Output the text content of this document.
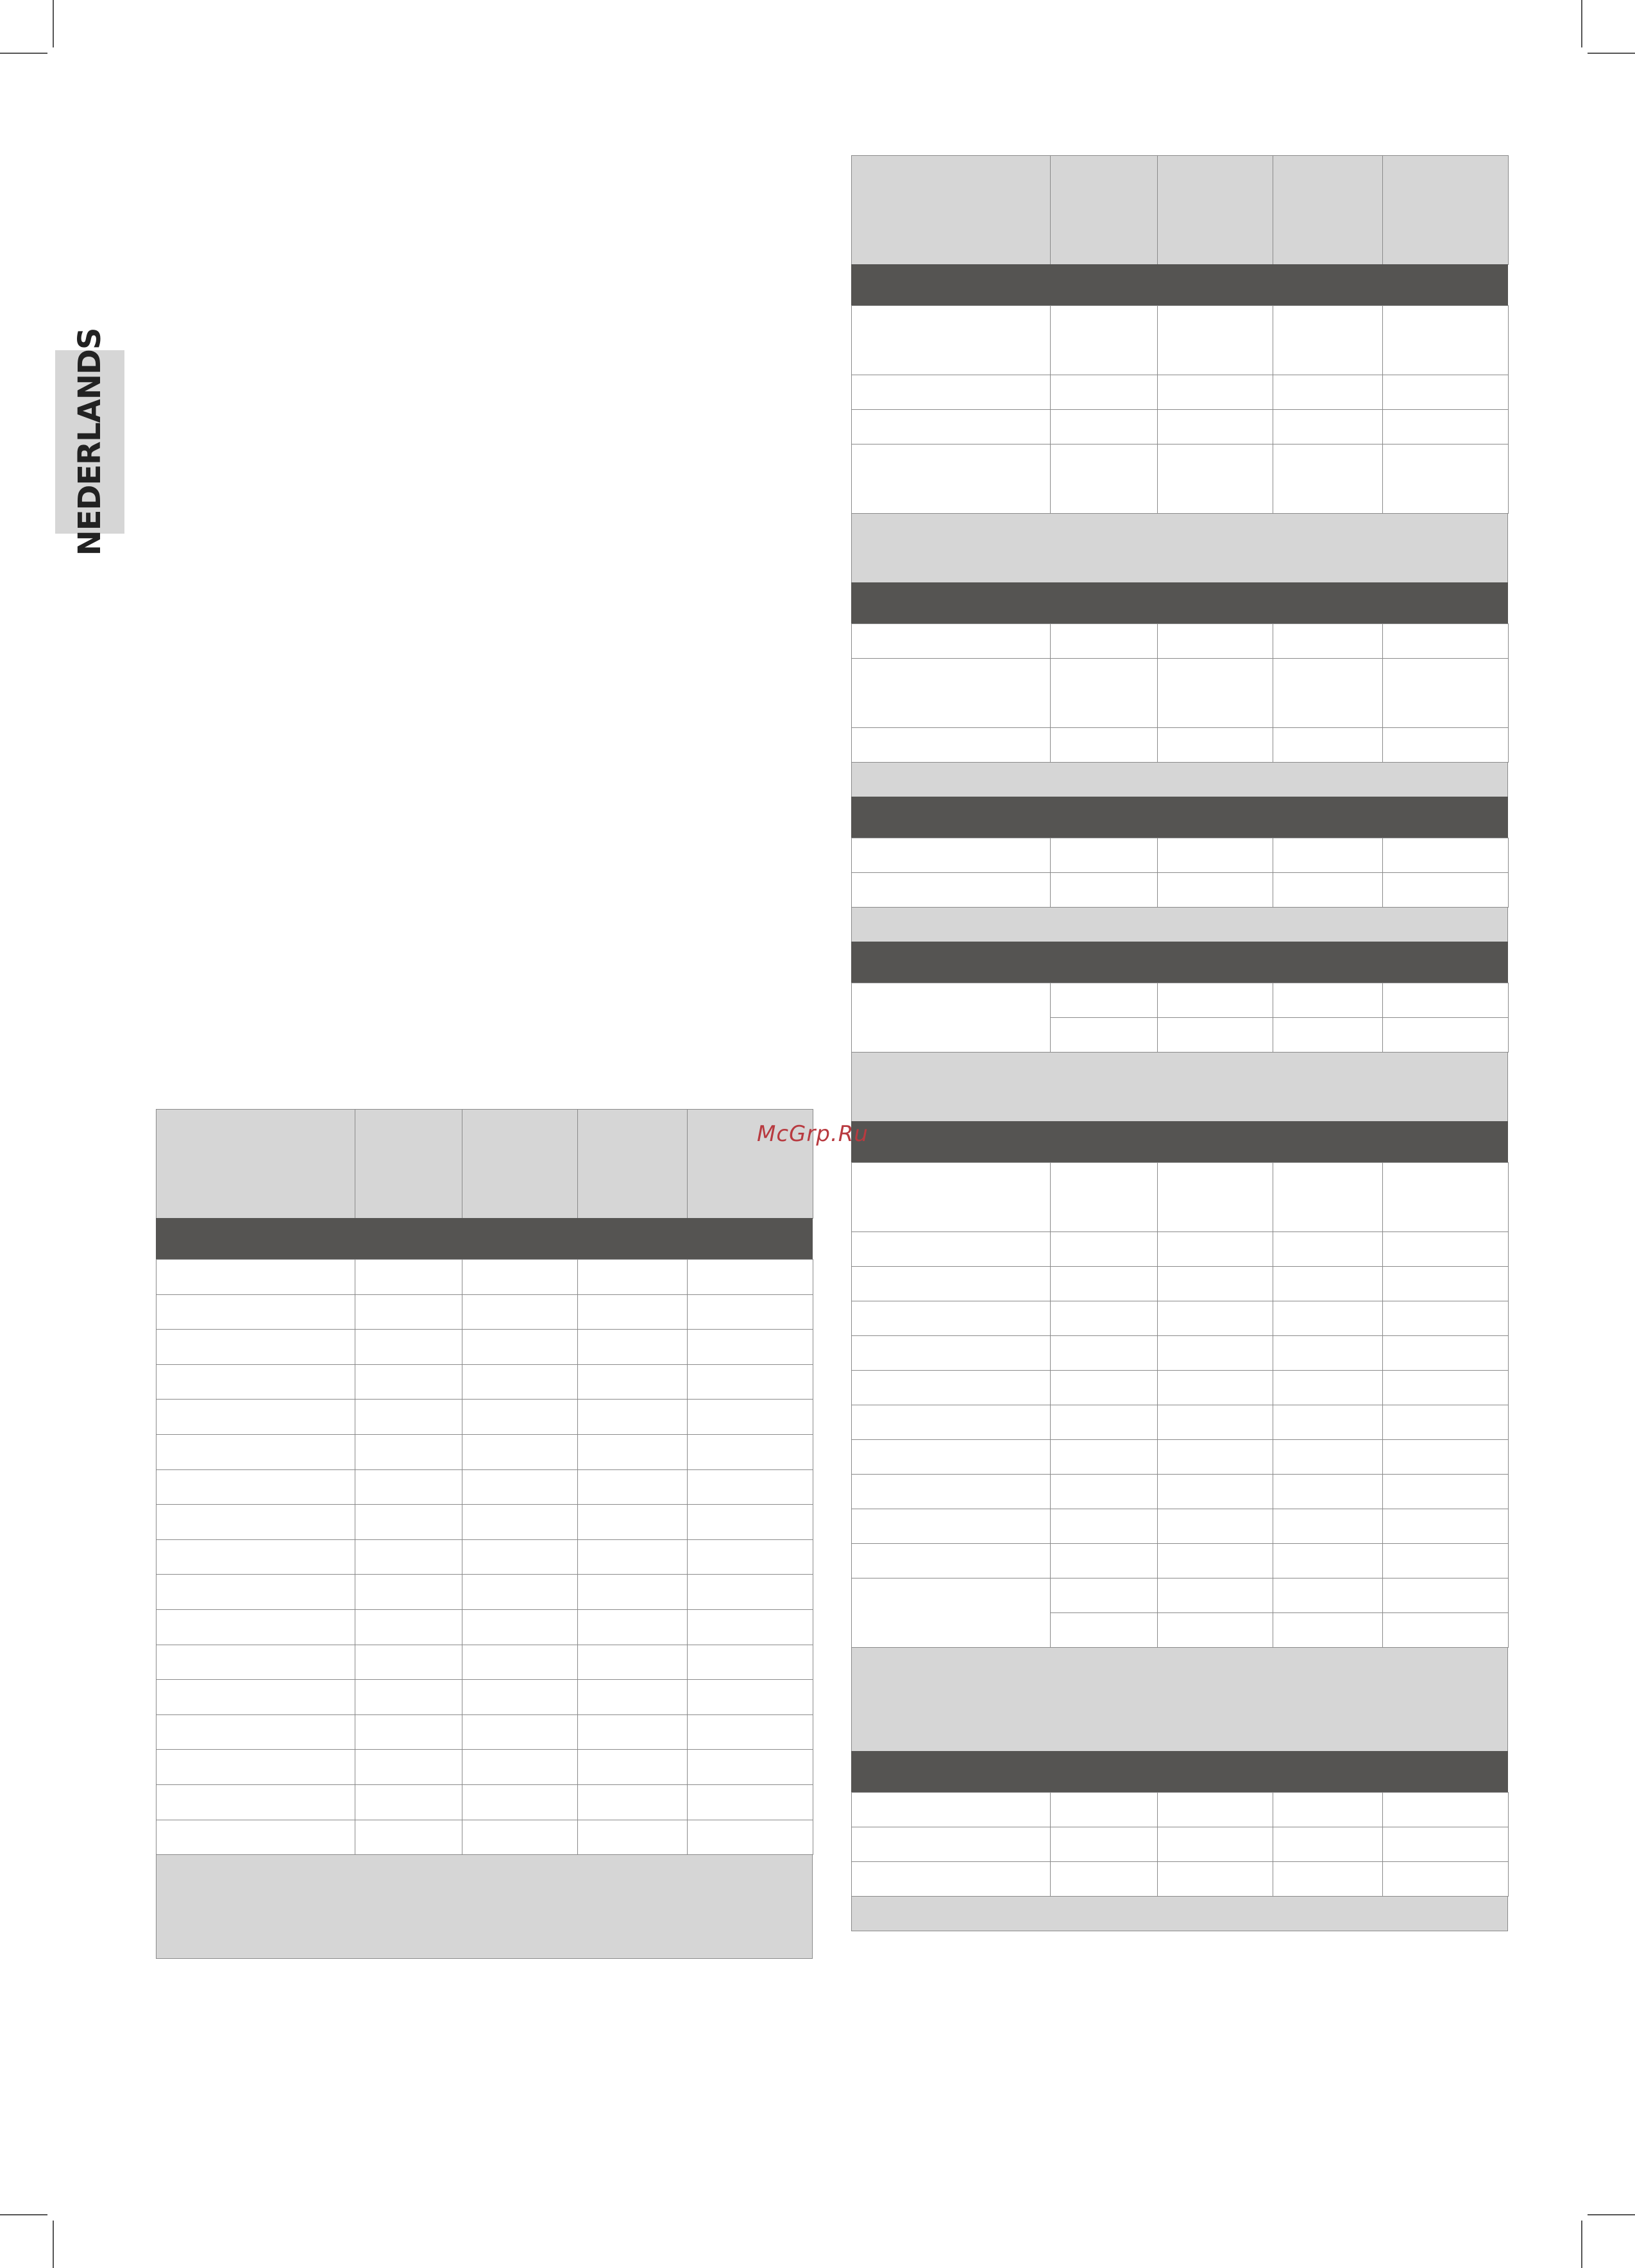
NEDERLANDS
McGrp.Ru
